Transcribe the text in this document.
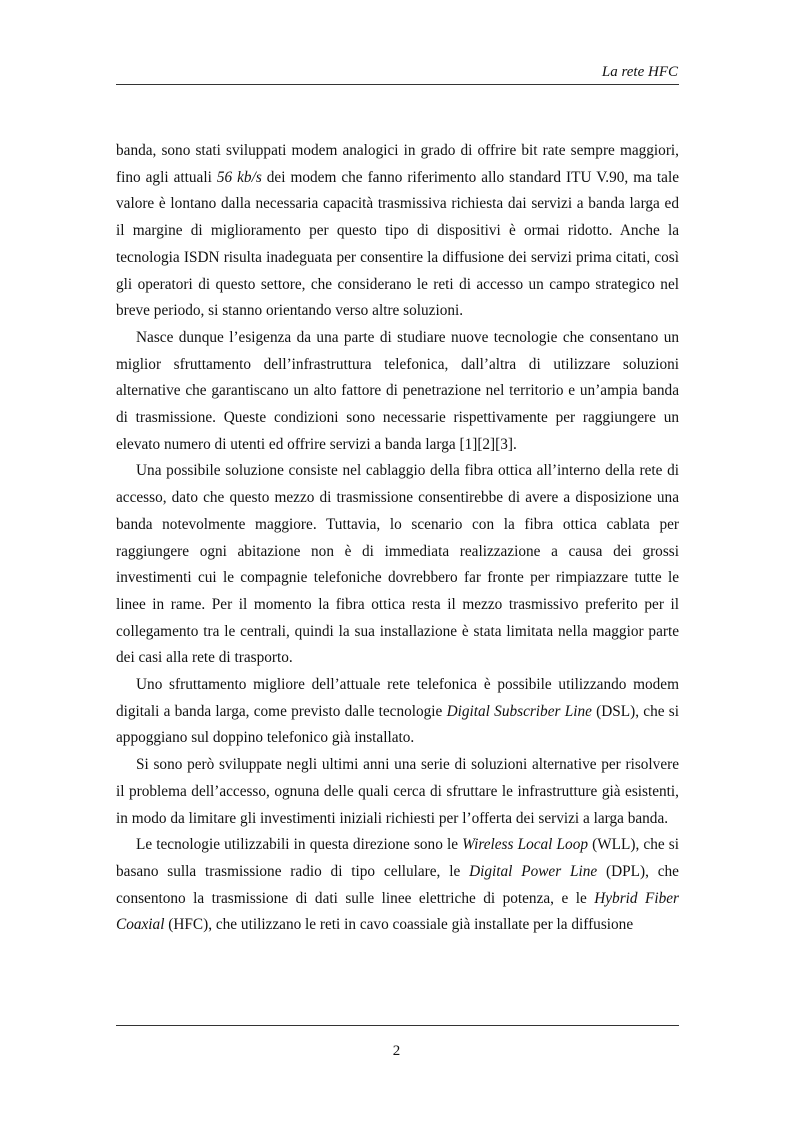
La rete HFC

banda, sono stati sviluppati modem analogici in grado di offrire bit rate sempre maggiori, fino agli attuali 56 kb/s dei modem che fanno riferimento allo standard ITU V.90, ma tale valore è lontano dalla necessaria capacità trasmissiva richiesta dai servizi a banda larga ed il margine di miglioramento per questo tipo di dispositivi è ormai ridotto. Anche la tecnologia ISDN risulta inadeguata per consentire la diffusione dei servizi prima citati, così gli operatori di questo settore, che considerano le reti di accesso un campo strategico nel breve periodo, si stanno orientando verso altre soluzioni.

Nasce dunque l’esigenza da una parte di studiare nuove tecnologie che consentano un miglior sfruttamento dell’infrastruttura telefonica, dall’altra di utilizzare soluzioni alternative che garantiscano un alto fattore di penetrazione nel territorio e un’ampia banda di trasmissione. Queste condizioni sono necessarie rispettivamente per raggiungere un elevato numero di utenti ed offrire servizi a banda larga [1][2][3].

Una possibile soluzione consiste nel cablaggio della fibra ottica all’interno della rete di accesso, dato che questo mezzo di trasmissione consentirebbe di avere a disposizione una banda notevolmente maggiore. Tuttavia, lo scenario con la fibra ottica cablata per raggiungere ogni abitazione non è di immediata realizzazione a causa dei grossi investimenti cui le compagnie telefoniche dovrebbero far fronte per rimpiazzare tutte le linee in rame. Per il momento la fibra ottica resta il mezzo trasmissivo preferito per il collegamento tra le centrali, quindi la sua installazione è stata limitata nella maggior parte dei casi alla rete di trasporto.

Uno sfruttamento migliore dell’attuale rete telefonica è possibile utilizzando modem digitali a banda larga, come previsto dalle tecnologie Digital Subscriber Line (DSL), che si appoggiano sul doppino telefonico già installato.

Si sono però sviluppate negli ultimi anni una serie di soluzioni alternative per risolvere il problema dell’accesso, ognuna delle quali cerca di sfruttare le infrastrutture già esistenti, in modo da limitare gli investimenti iniziali richiesti per l’offerta dei servizi a larga banda.

Le tecnologie utilizzabili in questa direzione sono le Wireless Local Loop (WLL), che si basano sulla trasmissione radio di tipo cellulare, le Digital Power Line (DPL), che consentono la trasmissione di dati sulle linee elettriche di potenza, e le Hybrid Fiber Coaxial (HFC), che utilizzano le reti in cavo coassiale già installate per la diffusione

2
